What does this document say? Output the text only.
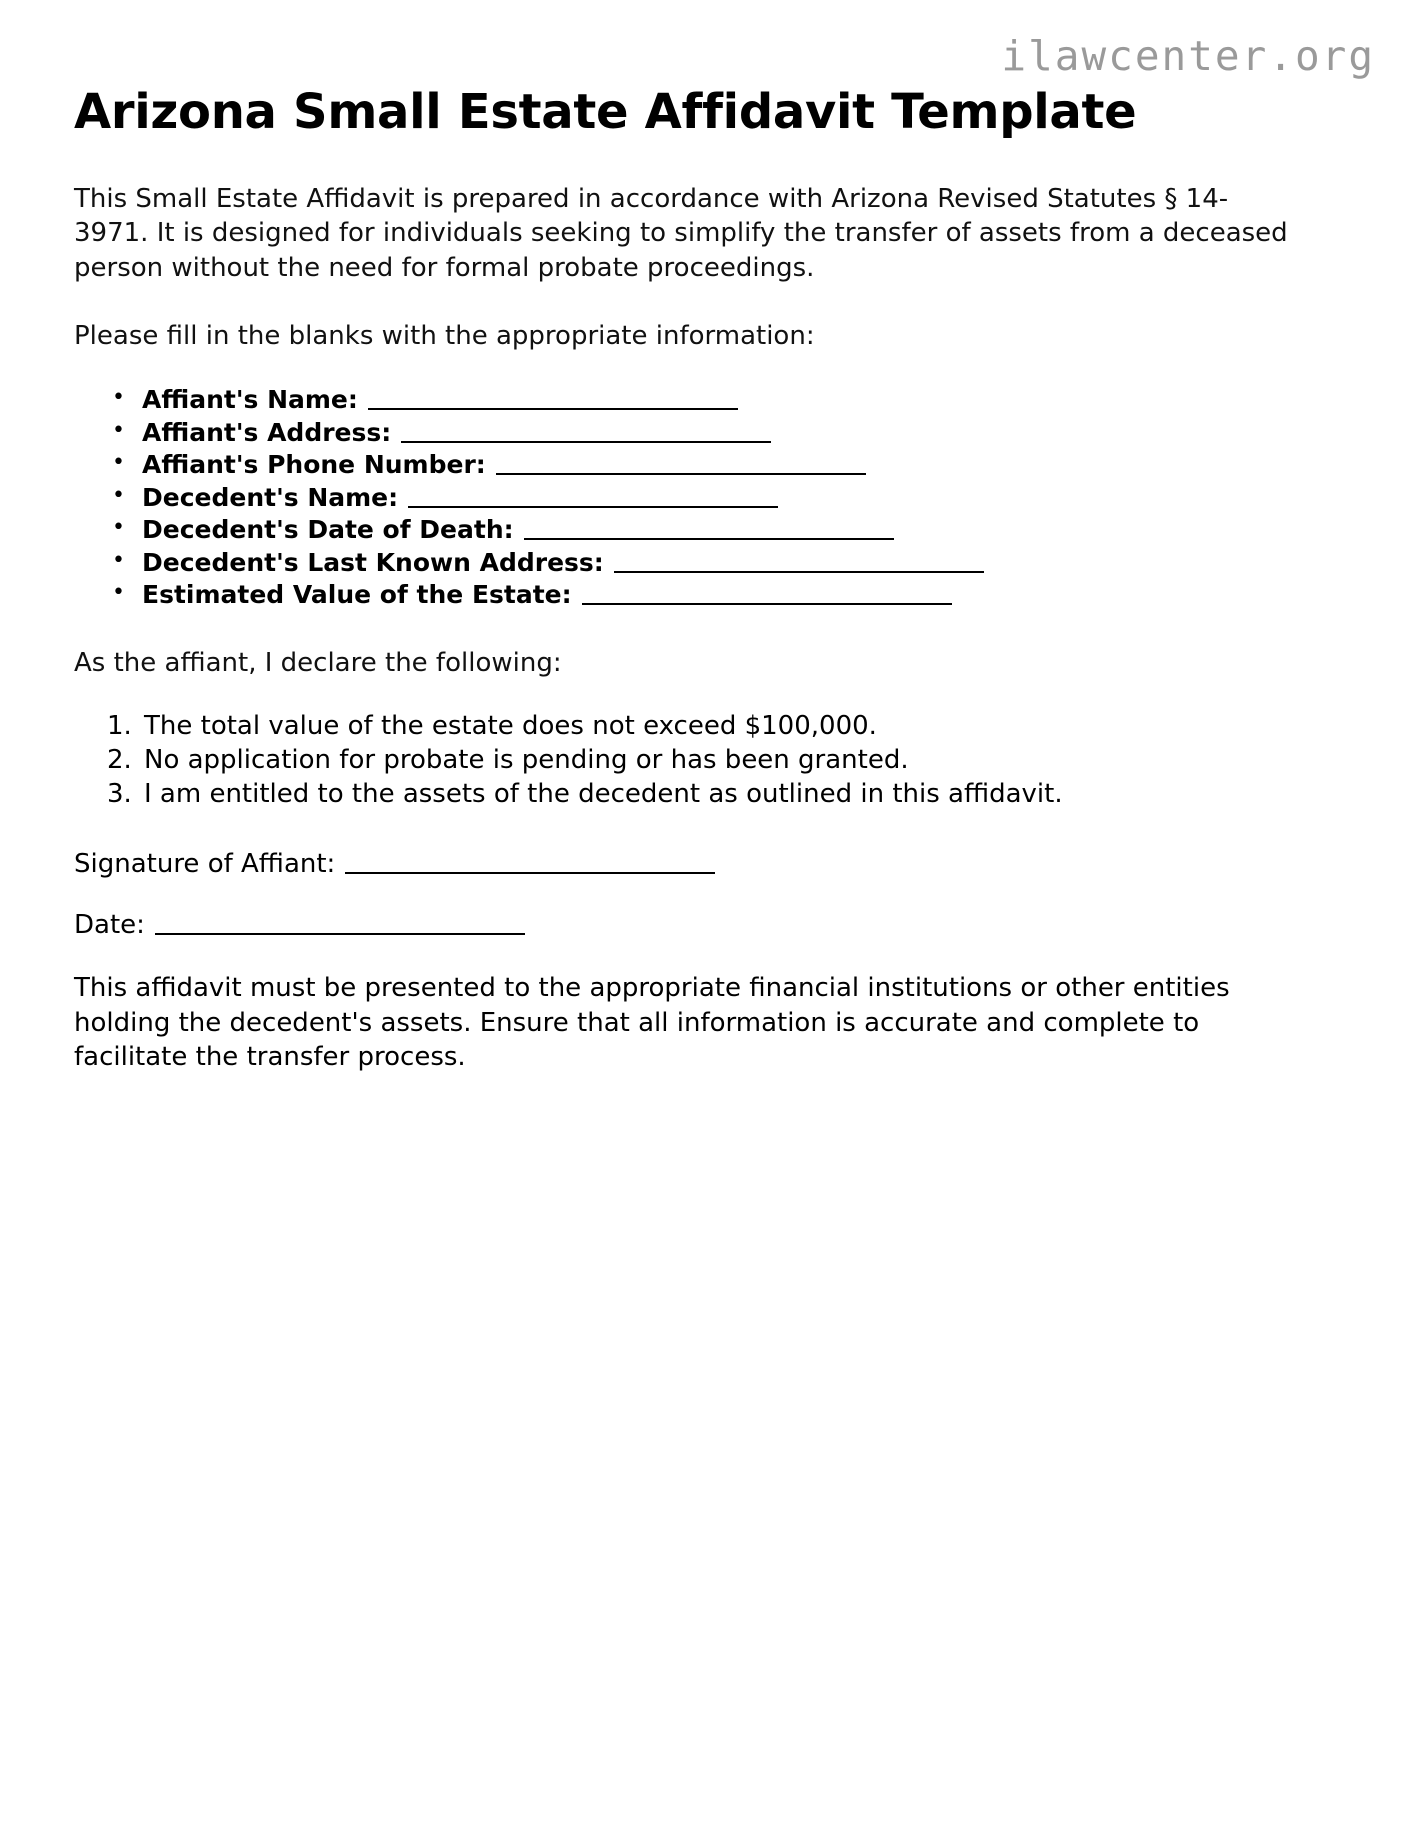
ilawcenter.org
Arizona Small Estate Affidavit Template

This Small Estate Affidavit is prepared in accordance with Arizona Revised Statutes § 14-3971. It is designed for individuals seeking to simplify the transfer of assets from a deceased person without the need for formal probate proceedings.

Please fill in the blanks with the appropriate information:

• Affiant's Name:
• Affiant's Address:
• Affiant's Phone Number:
• Decedent's Name:
• Decedent's Date of Death:
• Decedent's Last Known Address:
• Estimated Value of the Estate:

As the affiant, I declare the following:

The total value of the estate does not exceed $100,000.
No application for probate is pending or has been granted.
I am entitled to the assets of the decedent as outlined in this affidavit.

Signature of Affiant:

Date:

This affidavit must be presented to the appropriate financial institutions or other entities holding the decedent's assets. Ensure that all information is accurate and complete to facilitate the transfer process.
